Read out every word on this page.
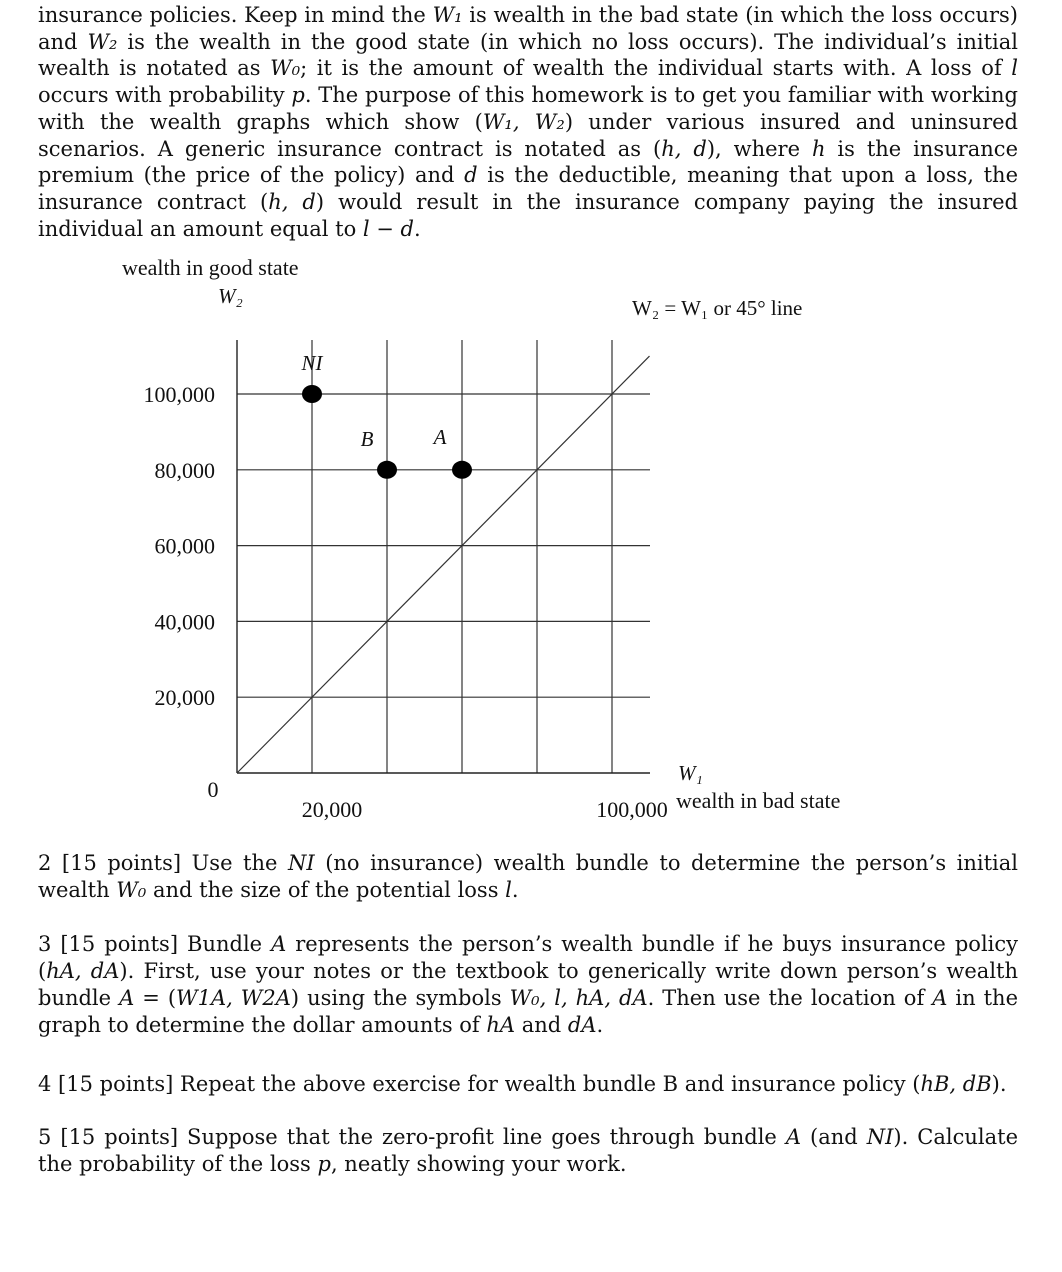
insurance policies. Keep in mind the W₁ is wealth in the bad state (in which the loss occurs) and W₂ is the wealth in the good state (in which no loss occurs). The individual’s initial wealth is notated as W₀; it is the amount of wealth the individual starts with. A loss of l occurs with probability p. The purpose of this homework is to get you familiar with working with the wealth graphs which show (W₁, W₂) under various insured and uninsured scenarios. A generic insurance contract is notated as (h, d), where h is the insurance premium (the price of the policy) and d is the deductible, meaning that upon a loss, the insurance contract (h, d) would result in the insurance company paying the insured individual an amount equal to l − d.

20,000
40,000
60,000
80,000
100,000
0
20,000	100,000
NI
B	A
wealth in good state
W₂	W₂ = W₁ or 45° line
W₁
wealth in bad state

2 [15 points] Use the NI (no insurance) wealth bundle to determine the person’s initial wealth W₀ and the size of the potential loss l.

3 [15 points] Bundle A represents the person’s wealth bundle if he buys insurance policy (hA, dA). First, use your notes or the textbook to generically write down person’s wealth bundle A = (W1A, W2A) using the symbols W₀, l, hA, dA. Then use the location of A in the graph to determine the dollar amounts of hA and dA.

4 [15 points] Repeat the above exercise for wealth bundle B and insurance policy (hB, dB).

5 [15 points] Suppose that the zero-profit line goes through bundle A (and NI). Calculate the probability of the loss p, neatly showing your work.
